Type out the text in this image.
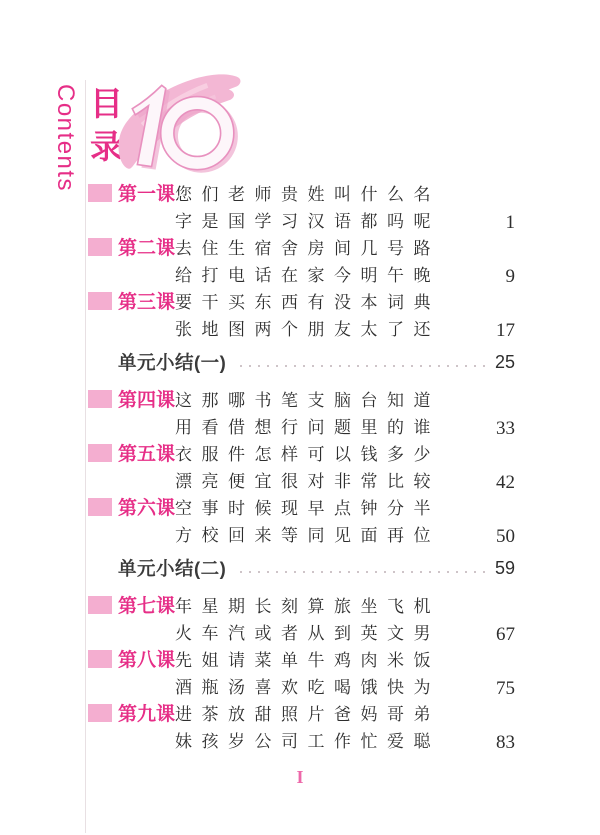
Contents 目录
第一课 您们老师贵姓叫什么名
字是国学习汉语都吗呢	1
第二课 去住生宿舍房间几号路
给打电话在家今明午晚	9
第三课 要干买东西有没本词典
张地图两个朋友太了还	17
单元小结(一)	25
第四课 这那哪书笔支脑台知道
用看借想行问题里的谁	33
第五课 衣服件怎样可以钱多少
漂亮便宜很对非常比较	42
第六课 空事时候现早点钟分半
方校回来等同见面再位	50
单元小结(二)	59
第七课 年星期长刻算旅坐飞机
火车汽或者从到英文男	67
第八课 先姐请菜单牛鸡肉米饭
酒瓶汤喜欢吃喝饿快为	75
第九课 进茶放甜照片爸妈哥弟
妹孩岁公司工作忙爱聪	83
I
